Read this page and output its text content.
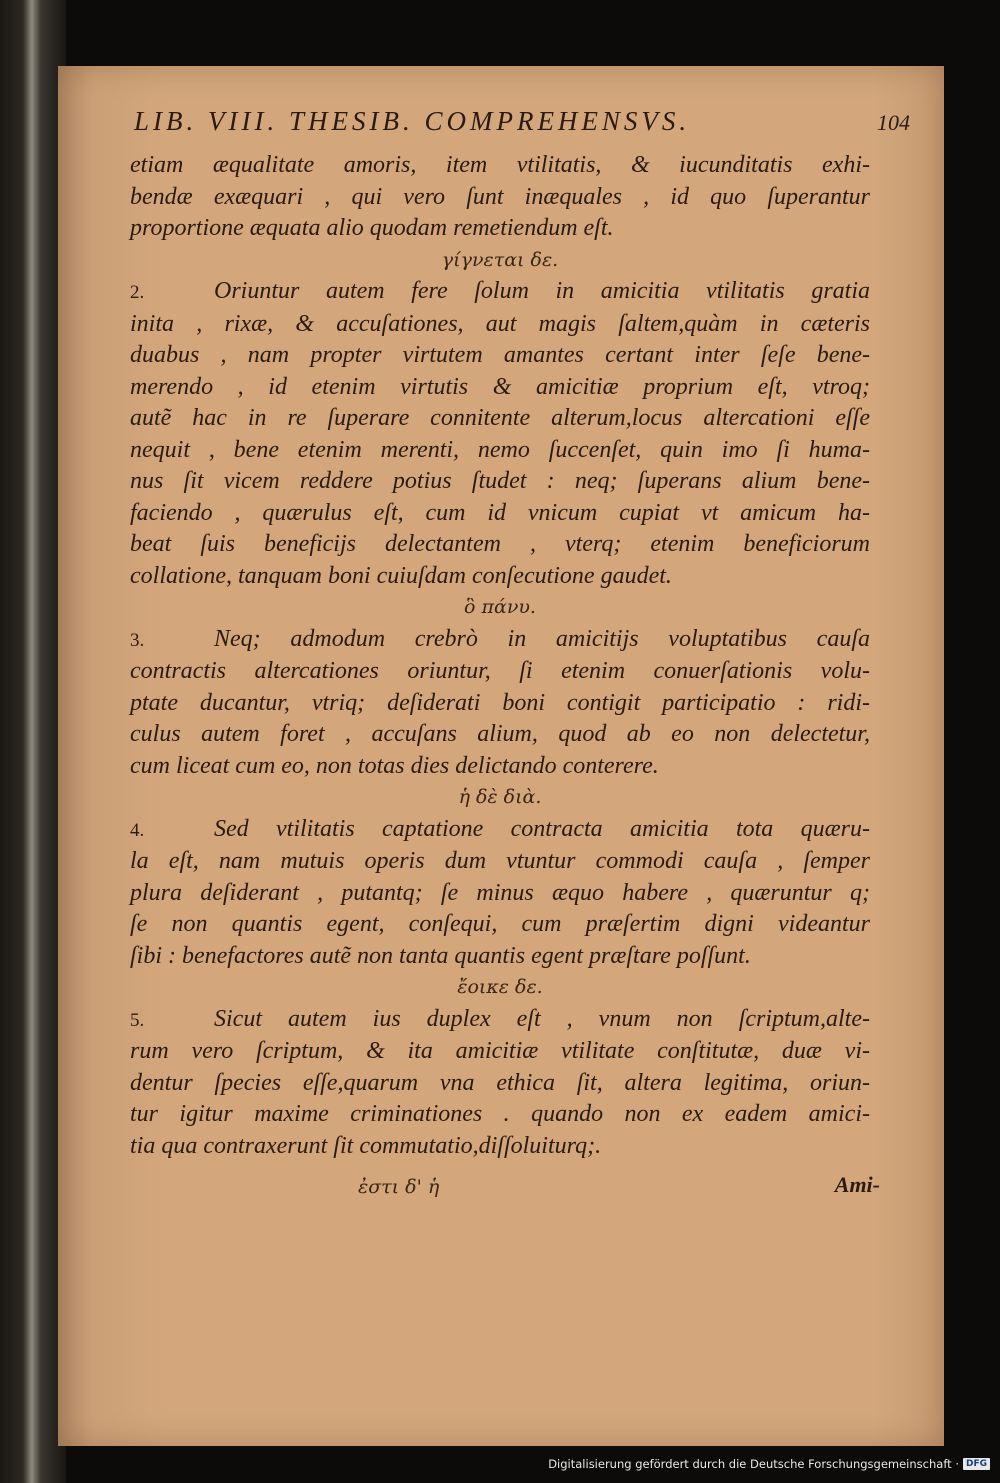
LIB. VIII. THESIB. COMPREHENSVS.	104
etiam æqualitate amoris, item vtilitatis, & iucunditatis exhi-
bendæ exæquari , qui vero ſunt inæquales , id quo ſuperantur
proportione æquata alio quodam remetiendum eſt.
γίγνεται δε.
2.	Oriuntur autem fere ſolum in amicitia vtilitatis gratia
inita , rixæ, & accuſationes, aut magis ſaltem,quàm in cæteris
duabus , nam propter virtutem amantes certant inter ſeſe bene-
merendo , id etenim virtutis & amicitiæ proprium eſt, vtroq;
autẽ hac in re ſuperare connitente alterum,locus altercationi eſſe
nequit , bene etenim merenti, nemo ſuccenſet, quin imo ſi huma-
nus ſit vicem reddere potius ſtudet : neq; ſuperans alium bene-
faciendo , quærulus eſt, cum id vnicum cupiat vt amicum ha-
beat ſuis beneficijs delectantem , vterq; etenim beneficiorum
collatione, tanquam boni cuiuſdam conſecutione gaudet.
ὃ πάνυ.
3.	Neq; admodum crebrò in amicitijs voluptatibus cauſa
contractis altercationes oriuntur, ſi etenim conuerſationis volu-
ptate ducantur, vtriq; deſiderati boni contigit participatio : ridi-
culus autem foret , accuſans alium, quod ab eo non delectetur,
cum liceat cum eo, non totas dies delictando conterere.
ἡ δὲ διὰ.
4.	Sed vtilitatis captatione contracta amicitia tota quæru-
la eſt, nam mutuis operis dum vtuntur commodi cauſa , ſemper
plura deſiderant , putantq; ſe minus æquo habere , quæruntur q;
ſe non quantis egent, conſequi, cum præſertim digni videantur
ſibi : benefactores autẽ non tanta quantis egent præſtare poſſunt.
ἔοικε δε.
5.	Sicut autem ius duplex eſt , vnum non ſcriptum,alte-
rum vero ſcriptum, & ita amicitiæ vtilitate conſtitutæ, duæ vi-
dentur ſpecies eſſe,quarum vna ethica ſit, altera legitima, oriun-
tur igitur maxime criminationes . quando non ex eadem amici-
tia qua contraxerunt ſit commutatio,diſſoluiturq;.
ἐστι δ' ἡ	Ami-
Digitalisierung gefördert durch die Deutsche Forschungsgemeinschaft · DFG
